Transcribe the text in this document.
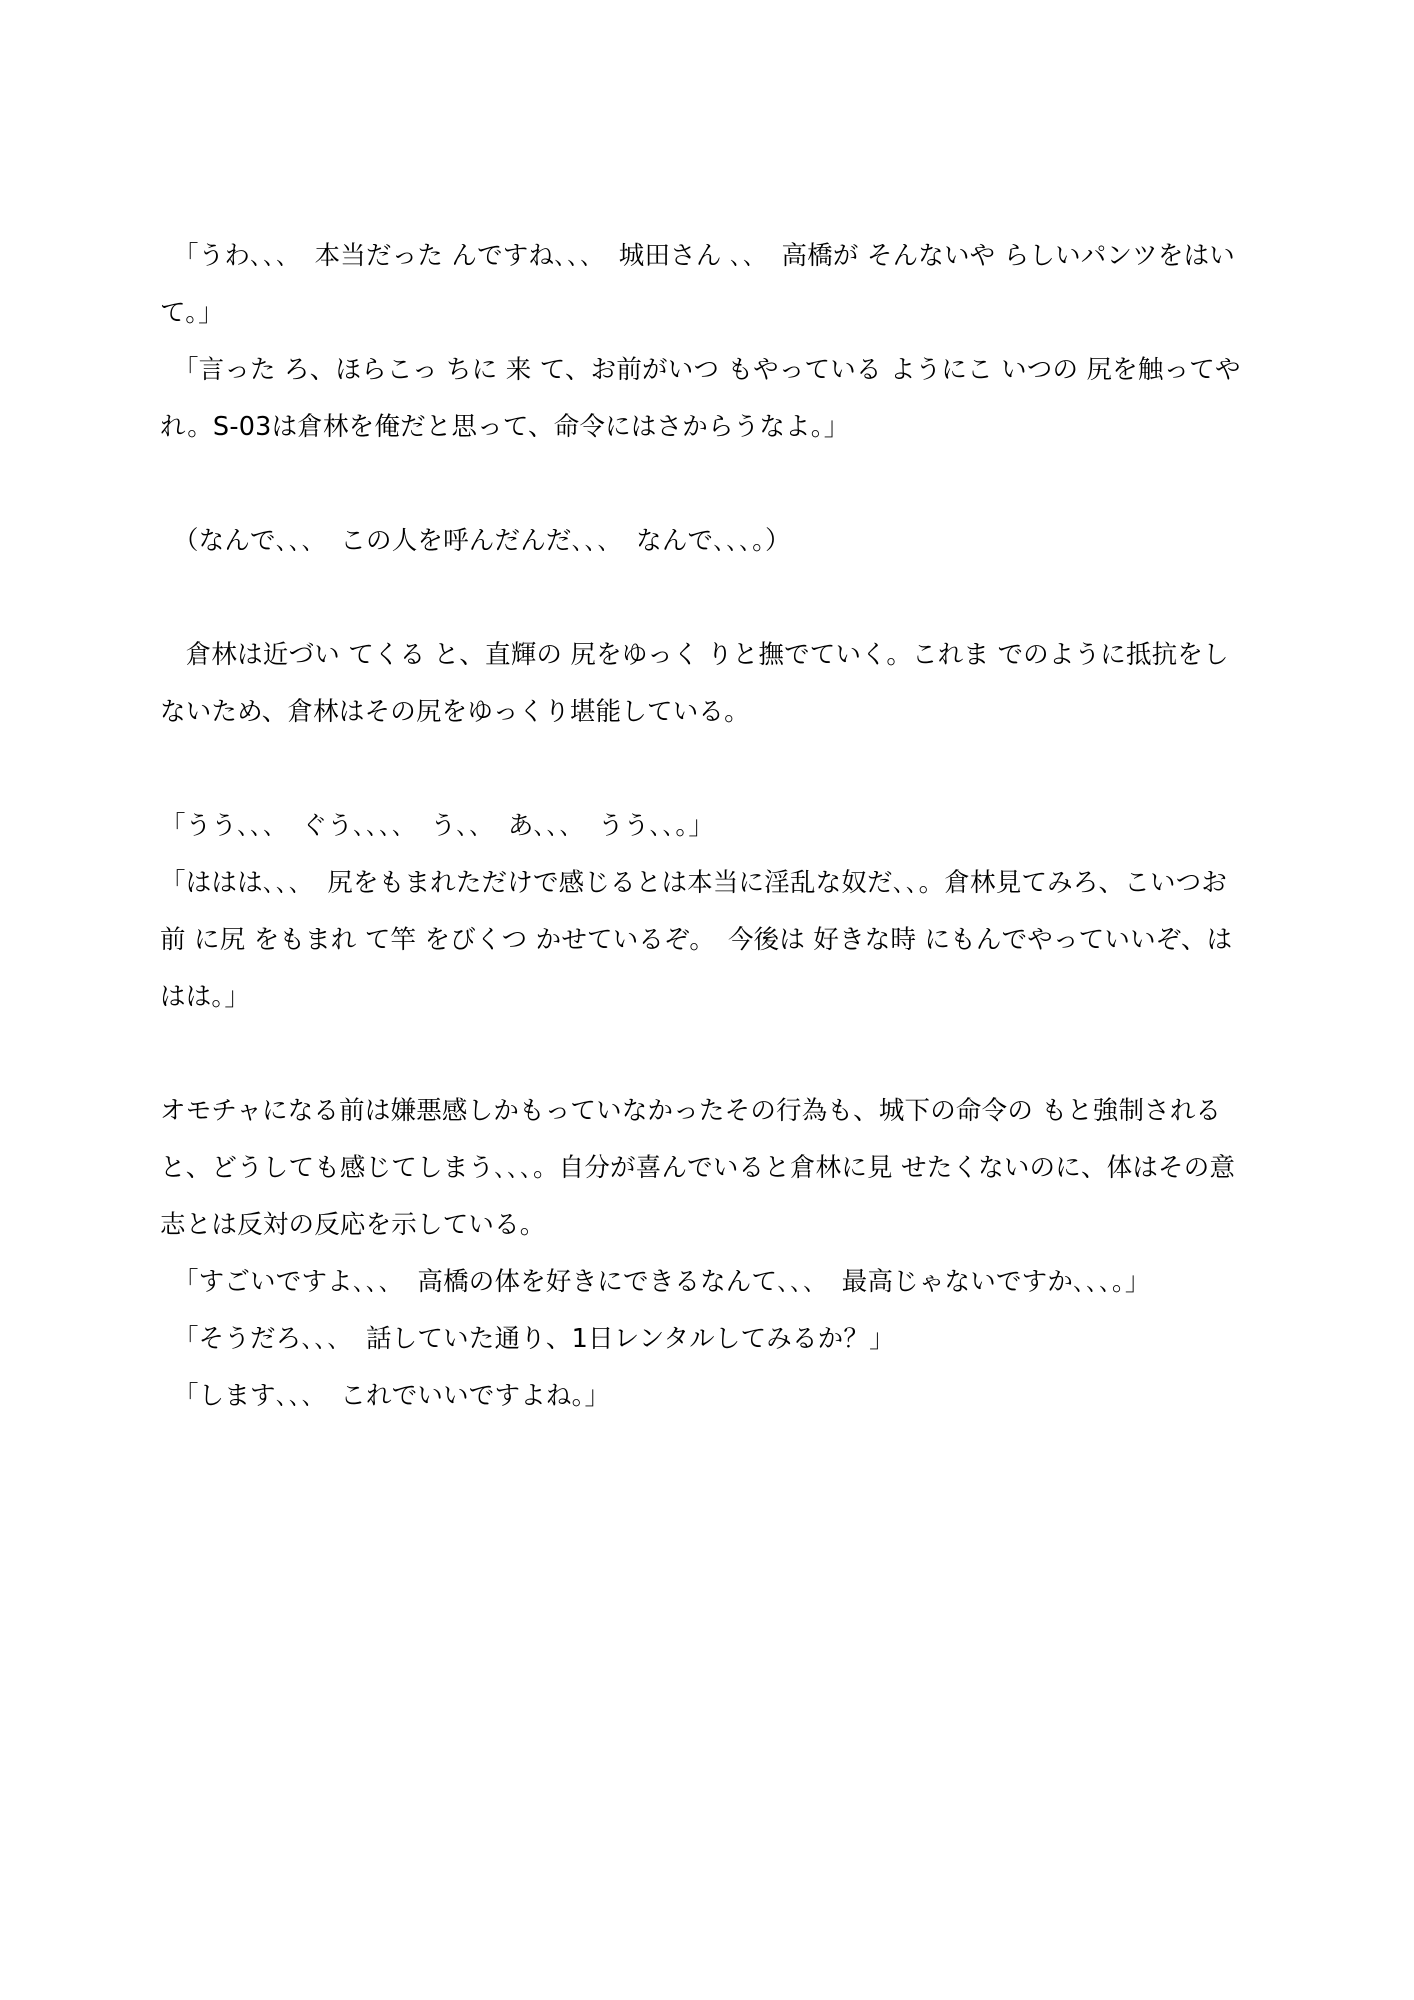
　「うわ､､､　本当だった んですね､､､　城田さん ､､　高橋が そんないや らしいパンツをはいて。」

　「言った ろ、ほらこっ ちに 来 て、お前がいつ もやっている ようにこ いつの 尻を触ってやれ。S-03は倉林を俺だと思って、命令にはさからうなよ。」

　（なんで､､､　この人を呼んだんだ､､､　なんで､､､。）

　倉林は近づい てくる と、直輝の 尻をゆっく りと撫でていく。これま でのように抵抗をしないため、倉林はその尻をゆっくり堪能している。

「うう､､､　ぐう､､､､　う､､　あ､､､　うう､､。」

「ははは､､､　尻をもまれただけで感じるとは本当に淫乱な奴だ､､。倉林見てみろ、こいつお前 に尻 をもまれ て竿 をびくつ かせているぞ。　今後は 好きな時 にもんでやっていいぞ、ははは。」

オモチャになる前は嫌悪感しかもっていなかったその行為も、城下の命令の もと強制されると、どうしても感じてしまう､､､。自分が喜んでいると倉林に見 せたくないのに、体はその意志とは反対の反応を示している。

　「すごいですよ､､､　高橋の体を好きにできるなんて､､､　最高じゃないですか､､､。」

　「そうだろ､､､　話していた通り、1日レンタルしてみるか？」

　「します､､､　これでいいですよね。」
